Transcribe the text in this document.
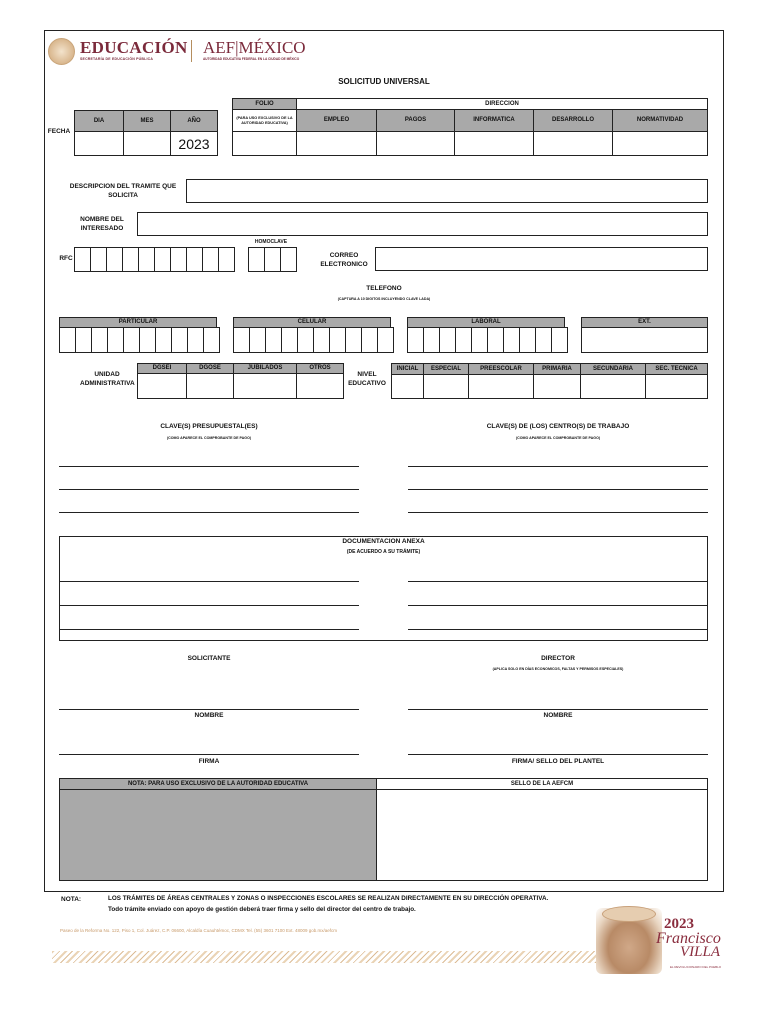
EDUCACIÓN
SECRETARÍA DE EDUCACIÓN PÚBLICA
AEF|MÉXICO
AUTORIDAD EDUCATIVA FEDERAL EN LA CIUDAD DE MÉXICO
SOLICITUD UNIVERSAL
FECHA
DIA	MES	AÑO
2023
FOLIO
(PARA USO EXCLUSIVO DE LA AUTORIDAD EDUCATIVA)
DIRECCION
EMPLEO	PAGOS	INFORMATICA	DESARROLLO	NORMATIVIDAD
DESCRIPCION DEL TRAMITE QUE SOLICITA
NOMBRE DEL INTERESADO
RFC
HOMOCLAVE
CORREO ELECTRONICO
TELEFONO
(CAPTURA A 10 DIGITOS INCLUYENDO CLAVE LADA)
PARTICULAR	CELULAR	LABORAL	EXT.
UNIDAD ADMINISTRATIVA
DGSEI	DGOSE	JUBILADOS	OTROS
NIVEL EDUCATIVO
INICIAL	ESPECIAL	PREESCOLAR	PRIMARIA	SECUNDARIA	SEC. TECNICA
CLAVE(S) PRESUPUESTAL(ES)
(COMO APARECE EL COMPROBANTE DE PAGO)
CLAVE(S) DE (LOS) CENTRO(S) DE TRABAJO
(COMO APARECE EL COMPROBANTE DE PAGO)
DOCUMENTACION ANEXA
(DE ACUERDO A SU TRÁMITE)
SOLICITANTE	DIRECTOR
(APLICA SOLO EN DÍAS ECONOMICOS, FALTAS Y PERMISOS ESPECIALES)
NOMBRE	NOMBRE
FIRMA	FIRMA/ SELLO DEL PLANTEL
NOTA: PARA USO EXCLUSIVO DE LA AUTORIDAD EDUCATIVA	SELLO DE LA AEFCM
NOTA:	LOS TRÁMITES DE ÁREAS CENTRALES Y ZONAS O INSPECCIONES ESCOLARES SE REALIZAN DIRECTAMENTE EN SU DIRECCIÓN OPERATIVA.
Todo trámite enviado con apoyo de gestión deberá traer firma y sello del director del centro de trabajo.
Paseo de la Reforma No. 122, Piso 1, Col. Juárez, C.P. 06600, Alcaldía Cuauhtémoc, CDMX Tel. (55) 3601 7100 Ext. 48009 gob.mx/aefcm	2023
Francisco
VILLA
EL REVOLUCIONARIO DEL PUEBLO
